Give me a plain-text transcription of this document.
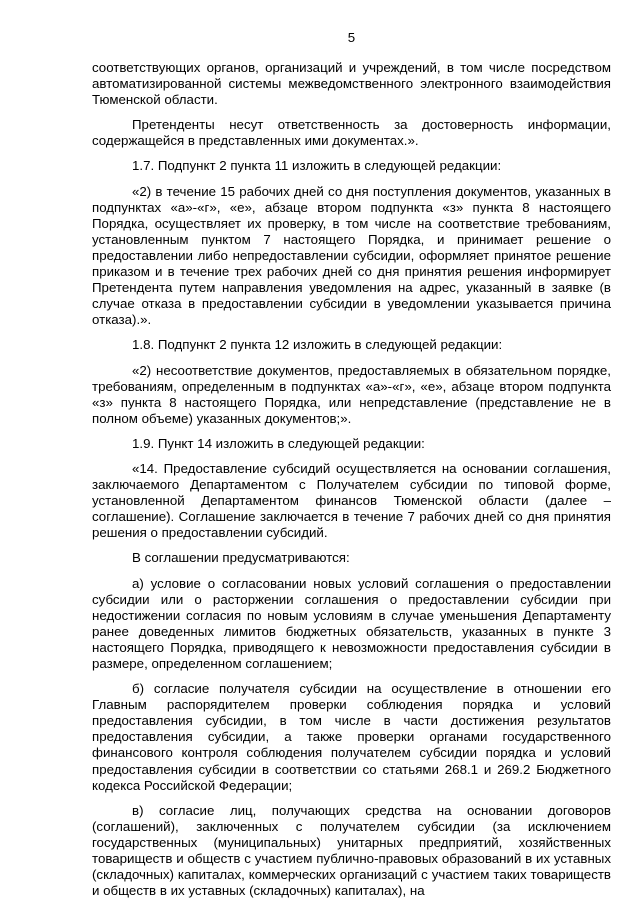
5

соответствующих органов, организаций и учреждений, в том числе посредством автоматизированной системы межведомственного электронного взаимодействия Тюменской области.

Претенденты несут ответственность за достоверность информации, содержащейся в представленных ими документах.».

1.7. Подпункт 2 пункта 11 изложить в следующей редакции:

«2) в течение 15 рабочих дней со дня поступления документов, указанных в подпунктах «а»-«г», «е», абзаце втором подпункта «з» пункта 8 настоящего Порядка, осуществляет их проверку, в том числе на соответствие требованиям, установленным пунктом 7 настоящего Порядка, и принимает решение о предоставлении либо непредоставлении субсидии, оформляет принятое решение приказом и в течение трех рабочих дней со дня принятия решения информирует Претендента путем направления уведомления на адрес, указанный в заявке (в случае отказа в предоставлении субсидии в уведомлении указывается причина отказа).».

1.8. Подпункт 2 пункта 12 изложить в следующей редакции:

«2) несоответствие документов, предоставляемых в обязательном порядке, требованиям, определенным в подпунктах «а»-«г», «е», абзаце втором подпункта «з» пункта 8 настоящего Порядка, или непредставление (представление не в полном объеме) указанных документов;».

1.9. Пункт 14 изложить в следующей редакции:

«14. Предоставление субсидий осуществляется на основании соглашения, заключаемого Департаментом с Получателем субсидии по типовой форме, установленной Департаментом финансов Тюменской области (далее – соглашение). Соглашение заключается в течение 7 рабочих дней со дня принятия решения о предоставлении субсидий.

В соглашении предусматриваются:

а) условие о согласовании новых условий соглашения о предоставлении субсидии или о расторжении соглашения о предоставлении субсидии при недостижении согласия по новым условиям в случае уменьшения Департаменту ранее доведенных лимитов бюджетных обязательств, указанных в пункте 3 настоящего Порядка, приводящего к невозможности предоставления субсидии в размере, определенном соглашением;

б) согласие получателя субсидии на осуществление в отношении его Главным распорядителем проверки соблюдения порядка и условий предоставления субсидии, в том числе в части достижения результатов предоставления субсидии, а также проверки органами государственного финансового контроля соблюдения получателем субсидии порядка и условий предоставления субсидии в соответствии со статьями 268.1 и 269.2 Бюджетного кодекса Российской Федерации;

в) согласие лиц, получающих средства на основании договоров (соглашений), заключенных с получателем субсидии (за исключением государственных (муниципальных) унитарных предприятий, хозяйственных товариществ и обществ с участием публично-правовых образований в их уставных (складочных) капиталах, коммерческих организаций с участием таких товариществ и обществ в их уставных (складочных) капиталах), на
